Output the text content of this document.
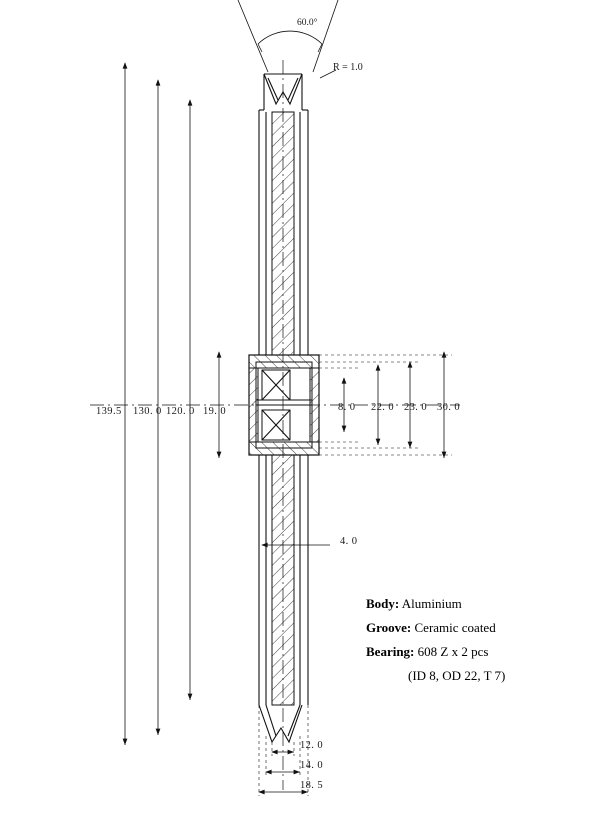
60.0°
R = 1.0
139.5 130. 0 120. 0 19. 0	8. 0 22. 0 23. 0 30. 0
4. 0
12. 0
14. 0
18. 5
Body: Aluminium
Groove: Ceramic coated
Bearing: 608 Z x 2 pcs
(ID 8, OD 22, T 7)
